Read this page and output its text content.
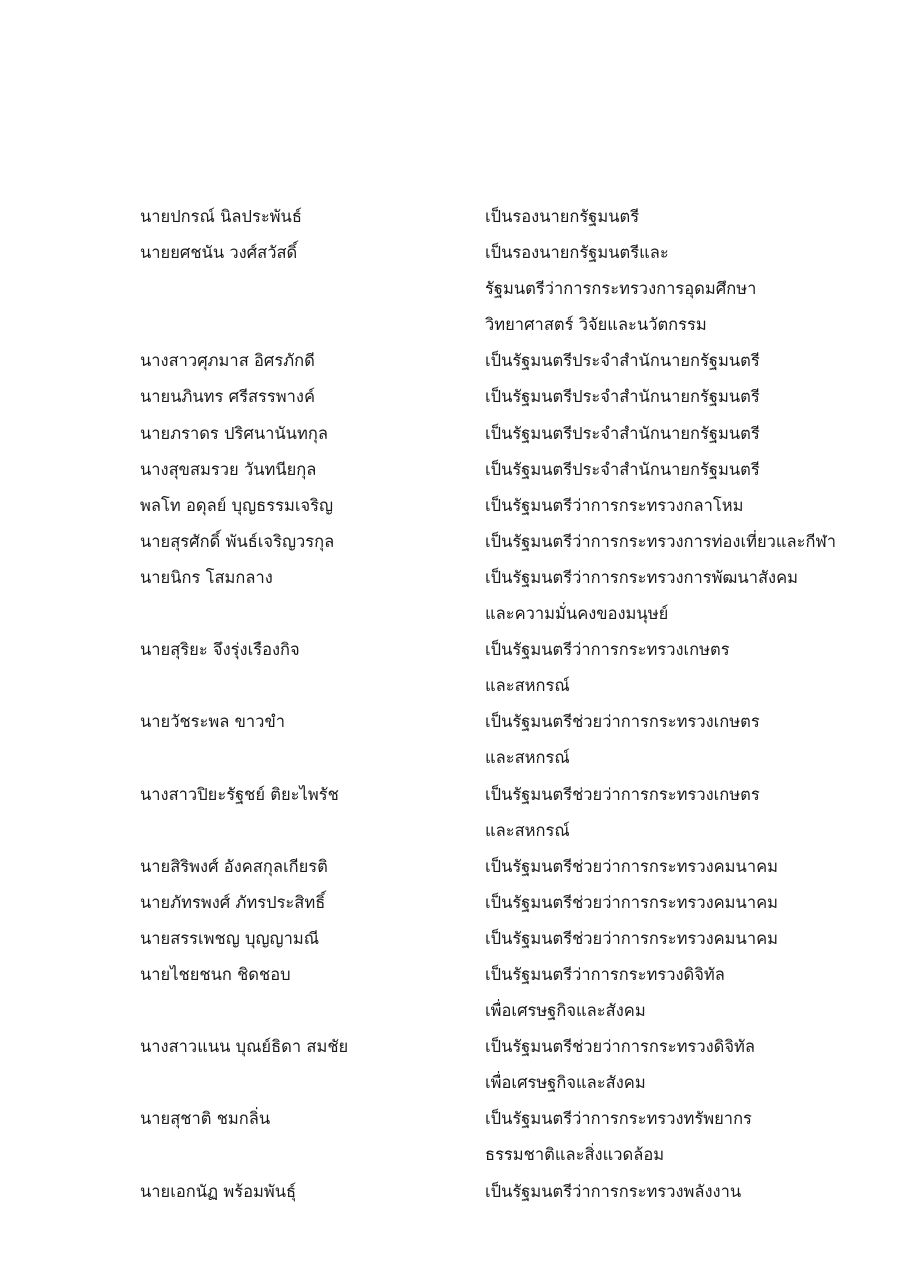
นายปกรณ์ นิลประพันธ์	เป็นรองนายกรัฐมนตรี
นายยศชนัน วงศ์สวัสดิ์	เป็นรองนายกรัฐมนตรีและ
รัฐมนตรีว่าการกระทรวงการอุดมศึกษา
วิทยาศาสตร์ วิจัยและนวัตกรรม
นางสาวศุภมาส อิศรภักดี	เป็นรัฐมนตรีประจำสำนักนายกรัฐมนตรี
นายนภินทร ศรีสรรพางค์	เป็นรัฐมนตรีประจำสำนักนายกรัฐมนตรี
นายภราดร ปริศนานันทกุล	เป็นรัฐมนตรีประจำสำนักนายกรัฐมนตรี
นางสุขสมรวย วันทนียกุล	เป็นรัฐมนตรีประจำสำนักนายกรัฐมนตรี
พลโท อดุลย์ บุญธรรมเจริญ	เป็นรัฐมนตรีว่าการกระทรวงกลาโหม
นายสุรศักดิ์ พันธ์เจริญวรกุล	เป็นรัฐมนตรีว่าการกระทรวงการท่องเที่ยวและกีฬา
นายนิกร โสมกลาง	เป็นรัฐมนตรีว่าการกระทรวงการพัฒนาสังคม
และความมั่นคงของมนุษย์
นายสุริยะ จึงรุ่งเรืองกิจ	เป็นรัฐมนตรีว่าการกระทรวงเกษตร
และสหกรณ์
นายวัชระพล ขาวขำ	เป็นรัฐมนตรีช่วยว่าการกระทรวงเกษตร
และสหกรณ์
นางสาวปิยะรัฐชย์ ติยะไพรัช	เป็นรัฐมนตรีช่วยว่าการกระทรวงเกษตร
และสหกรณ์
นายสิริพงศ์ อังคสกุลเกียรติ	เป็นรัฐมนตรีช่วยว่าการกระทรวงคมนาคม
นายภัทรพงศ์ ภัทรประสิทธิ์	เป็นรัฐมนตรีช่วยว่าการกระทรวงคมนาคม
นายสรรเพชญ บุญญามณี	เป็นรัฐมนตรีช่วยว่าการกระทรวงคมนาคม
นายไชยชนก ชิดชอบ	เป็นรัฐมนตรีว่าการกระทรวงดิจิทัล
เพื่อเศรษฐกิจและสังคม
นางสาวแนน บุณย์ธิดา สมชัย	เป็นรัฐมนตรีช่วยว่าการกระทรวงดิจิทัล
เพื่อเศรษฐกิจและสังคม
นายสุชาติ ชมกลิ่น	เป็นรัฐมนตรีว่าการกระทรวงทรัพยากร
ธรรมชาติและสิ่งแวดล้อม
นายเอกนัฏ พร้อมพันธุ์	เป็นรัฐมนตรีว่าการกระทรวงพลังงาน
